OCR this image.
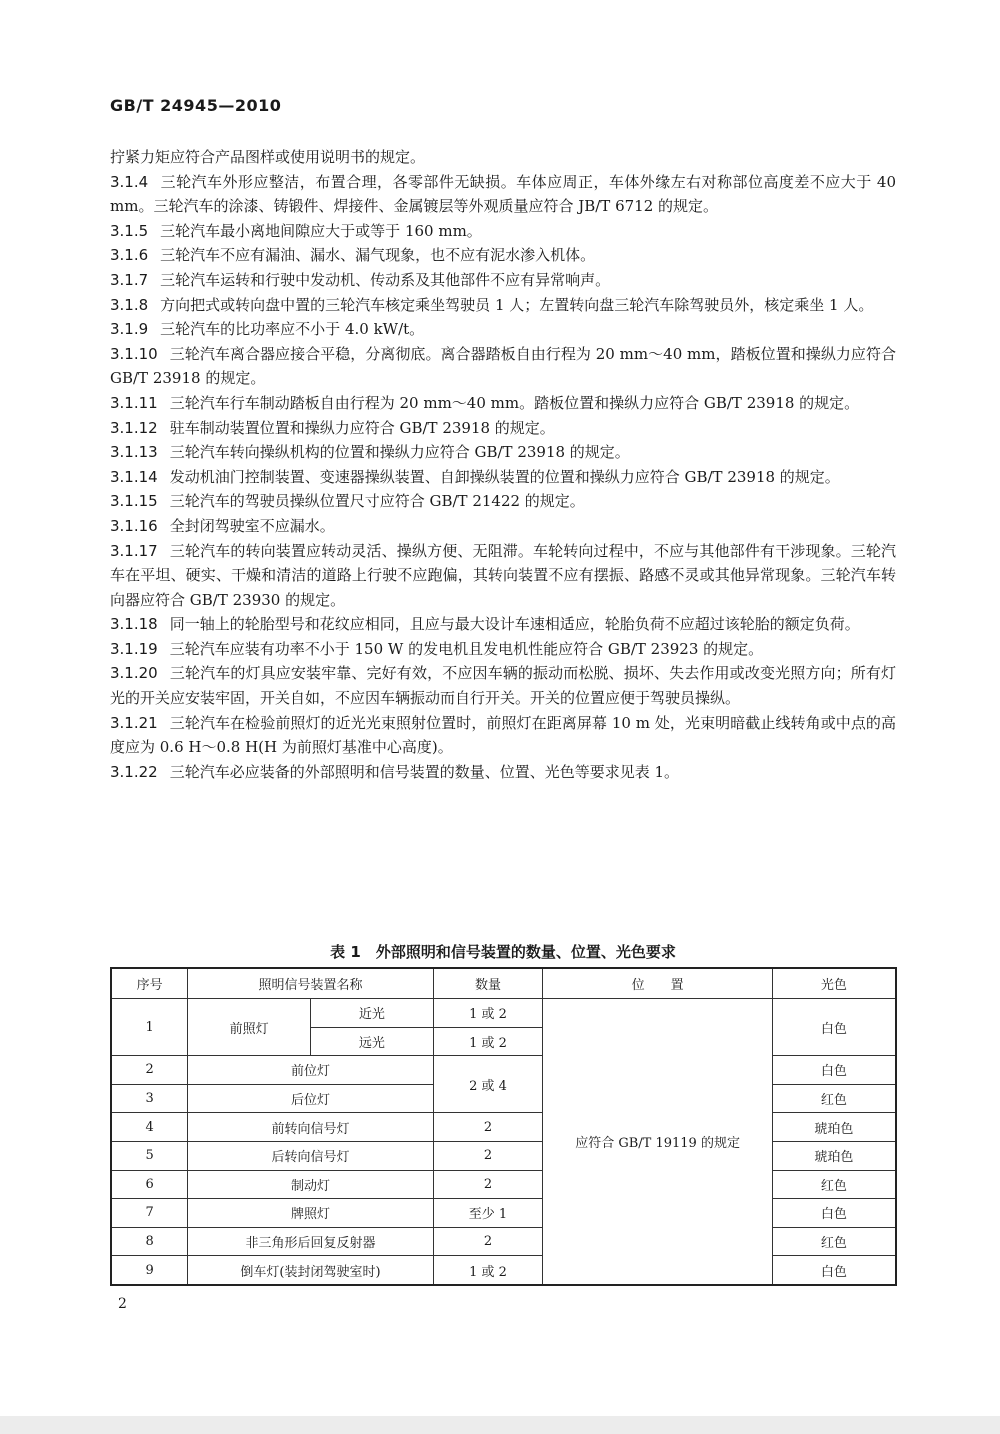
GB/T 24945—2010

拧紧力矩应符合产品图样或使用说明书的规定。

3.1.4 三轮汽车外形应整洁，布置合理，各零部件无缺损。车体应周正，车体外缘左右对称部位高度差不应大于 40 mm。三轮汽车的涂漆、铸锻件、焊接件、金属镀层等外观质量应符合 JB/T 6712 的规定。

3.1.5 三轮汽车最小离地间隙应大于或等于 160 mm。

3.1.6 三轮汽车不应有漏油、漏水、漏气现象，也不应有泥水渗入机体。

3.1.7 三轮汽车运转和行驶中发动机、传动系及其他部件不应有异常响声。

3.1.8 方向把式或转向盘中置的三轮汽车核定乘坐驾驶员 1 人；左置转向盘三轮汽车除驾驶员外，核定乘坐 1 人。

3.1.9 三轮汽车的比功率应不小于 4.0 kW/t。

3.1.10 三轮汽车离合器应接合平稳，分离彻底。离合器踏板自由行程为 20 mm～40 mm，踏板位置和操纵力应符合 GB/T 23918 的规定。

3.1.11 三轮汽车行车制动踏板自由行程为 20 mm～40 mm。踏板位置和操纵力应符合 GB/T 23918 的规定。

3.1.12 驻车制动装置位置和操纵力应符合 GB/T 23918 的规定。

3.1.13 三轮汽车转向操纵机构的位置和操纵力应符合 GB/T 23918 的规定。

3.1.14 发动机油门控制装置、变速器操纵装置、自卸操纵装置的位置和操纵力应符合 GB/T 23918 的规定。

3.1.15 三轮汽车的驾驶员操纵位置尺寸应符合 GB/T 21422 的规定。

3.1.16 全封闭驾驶室不应漏水。

3.1.17 三轮汽车的转向装置应转动灵活、操纵方便、无阻滞。车轮转向过程中，不应与其他部件有干涉现象。三轮汽车在平坦、硬实、干燥和清洁的道路上行驶不应跑偏，其转向装置不应有摆振、路感不灵或其他异常现象。三轮汽车转向器应符合 GB/T 23930 的规定。

3.1.18 同一轴上的轮胎型号和花纹应相同，且应与最大设计车速相适应，轮胎负荷不应超过该轮胎的额定负荷。

3.1.19 三轮汽车应装有功率不小于 150 W 的发电机且发电机性能应符合 GB/T 23923 的规定。

3.1.20 三轮汽车的灯具应安装牢靠、完好有效，不应因车辆的振动而松脱、损坏、失去作用或改变光照方向；所有灯光的开关应安装牢固，开关自如，不应因车辆振动而自行开关。开关的位置应便于驾驶员操纵。

3.1.21 三轮汽车在检验前照灯的近光光束照射位置时，前照灯在距离屏幕 10 m 处，光束明暗截止线转角或中点的高度应为 0.6 H～0.8 H(H 为前照灯基准中心高度)。

3.1.22 三轮汽车必应装备的外部照明和信号装置的数量、位置、光色等要求见表 1。

表 1　外部照明和信号装置的数量、位置、光色要求
序号	照明信号装置名称		数量	位　　置	光色
1	前照灯	近光	1 或 2	应符合 GB/T 19119 的规定	白色
		远光	1 或 2		
2	前位灯		2 或 4		白色
3	后位灯				红色
4	前转向信号灯		2		琥珀色
5	后转向信号灯		2		琥珀色
6	制动灯		2		红色
7	牌照灯		至少 1		白色
8	非三角形后回复反射器		2		红色
9	倒车灯(装封闭驾驶室时)		1 或 2		白色
2
